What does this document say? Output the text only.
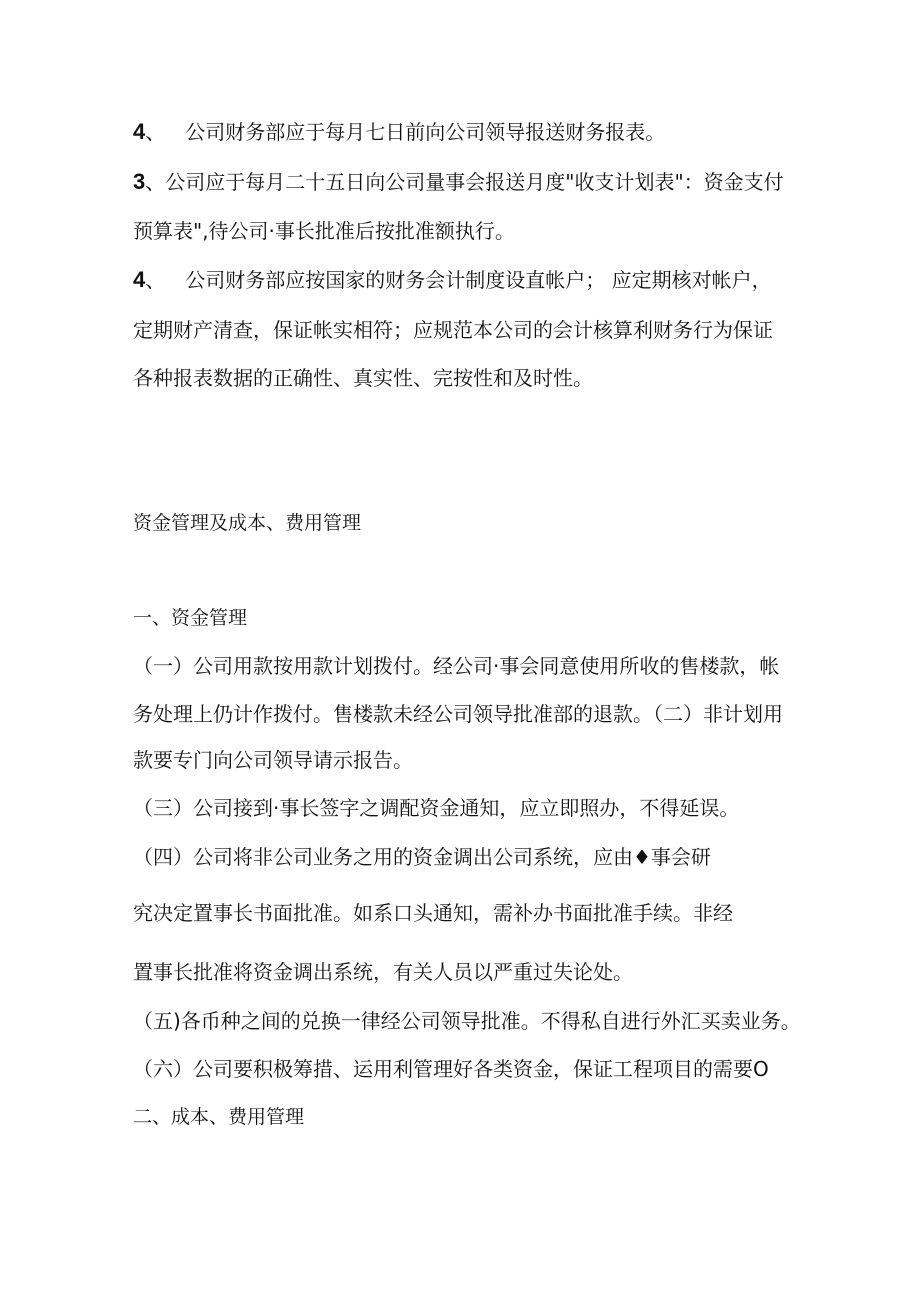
4、 公司财务部应于每月七日前向公司领导报送财务报表。
3、公司应于每月二十五日向公司量事会报送月度"收支计划表"：资金支付
预算表",待公司·事长批准后按批准额执行。
4、 公司财务部应按国家的财务会计制度设直帐户； 应定期核对帐户，
定期财产清查，保证帐实相符；应规范本公司的会计核算利财务行为保证
各种报表数据的正确性、真实性、完按性和及时性。
资金管理及成本、费用管理
一、资金管理
（一）公司用款按用款计划拨付。经公司·事会同意使用所收的售楼款，帐
务处理上仍计作拨付。售楼款未经公司领导批准部的退款。（二）非计划用
款要专门向公司领导请示报告。
（三）公司接到·事长签字之调配资金通知，应立即照办，不得延误。
（四）公司将非公司业务之用的资金调出公司系统，应由♦事会研
究决定置事长书面批准。如系口头通知，需补办书面批准手续。非经
置事长批准将资金调出系统，有关人员以严重过失论处。
（五)各币种之间的兑换一律经公司领导批准。不得私自进行外汇买卖业务。
（六）公司要积极筹措、运用利管理好各类资金，保证工程项目的需要O
二、成本、费用管理
